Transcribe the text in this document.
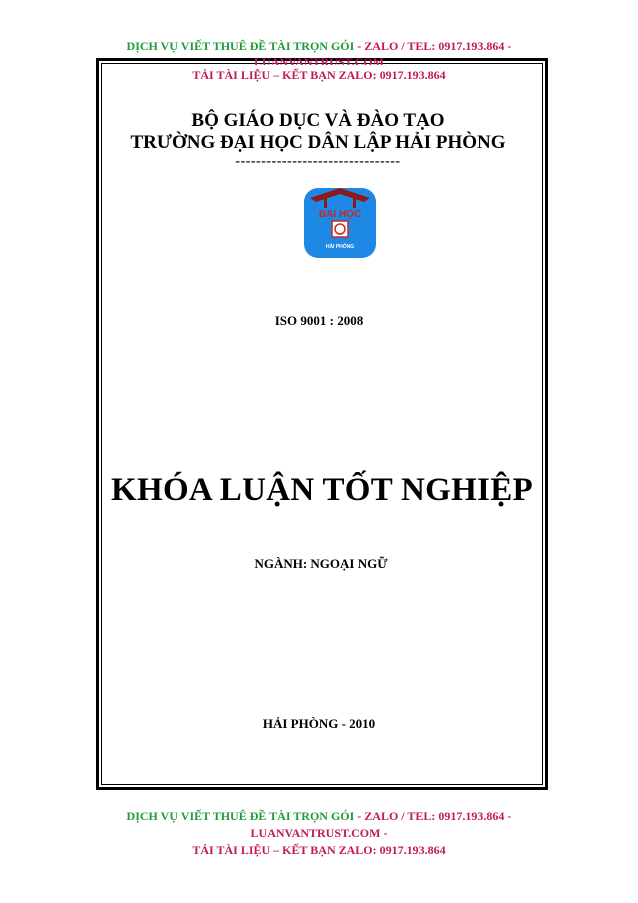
DỊCH VỤ VIẾT THUÊ ĐỀ TÀI TRỌN GÓI - ZALO / TEL: 0917.193.864 -
LUANVANTRUST.COM
TẢI TÀI LIỆU – KẾT BẠN ZALO: 0917.193.864
BỘ GIÁO DỤC VÀ ĐÀO TẠO
TRƯỜNG ĐẠI HỌC DÂN LẬP HẢI PHÒNG
--------------------------------
ĐẠI HỌC
HẢI PHÒNG
ISO 9001 : 2008
KHÓA LUẬN TỐT NGHIỆP
NGÀNH: NGOẠI NGỮ
HẢI PHÒNG - 2010
DỊCH VỤ VIẾT THUÊ ĐỀ TÀI TRỌN GÓI - ZALO / TEL: 0917.193.864 -
LUANVANTRUST.COM -
TẢI TÀI LIỆU – KẾT BẠN ZALO: 0917.193.864
